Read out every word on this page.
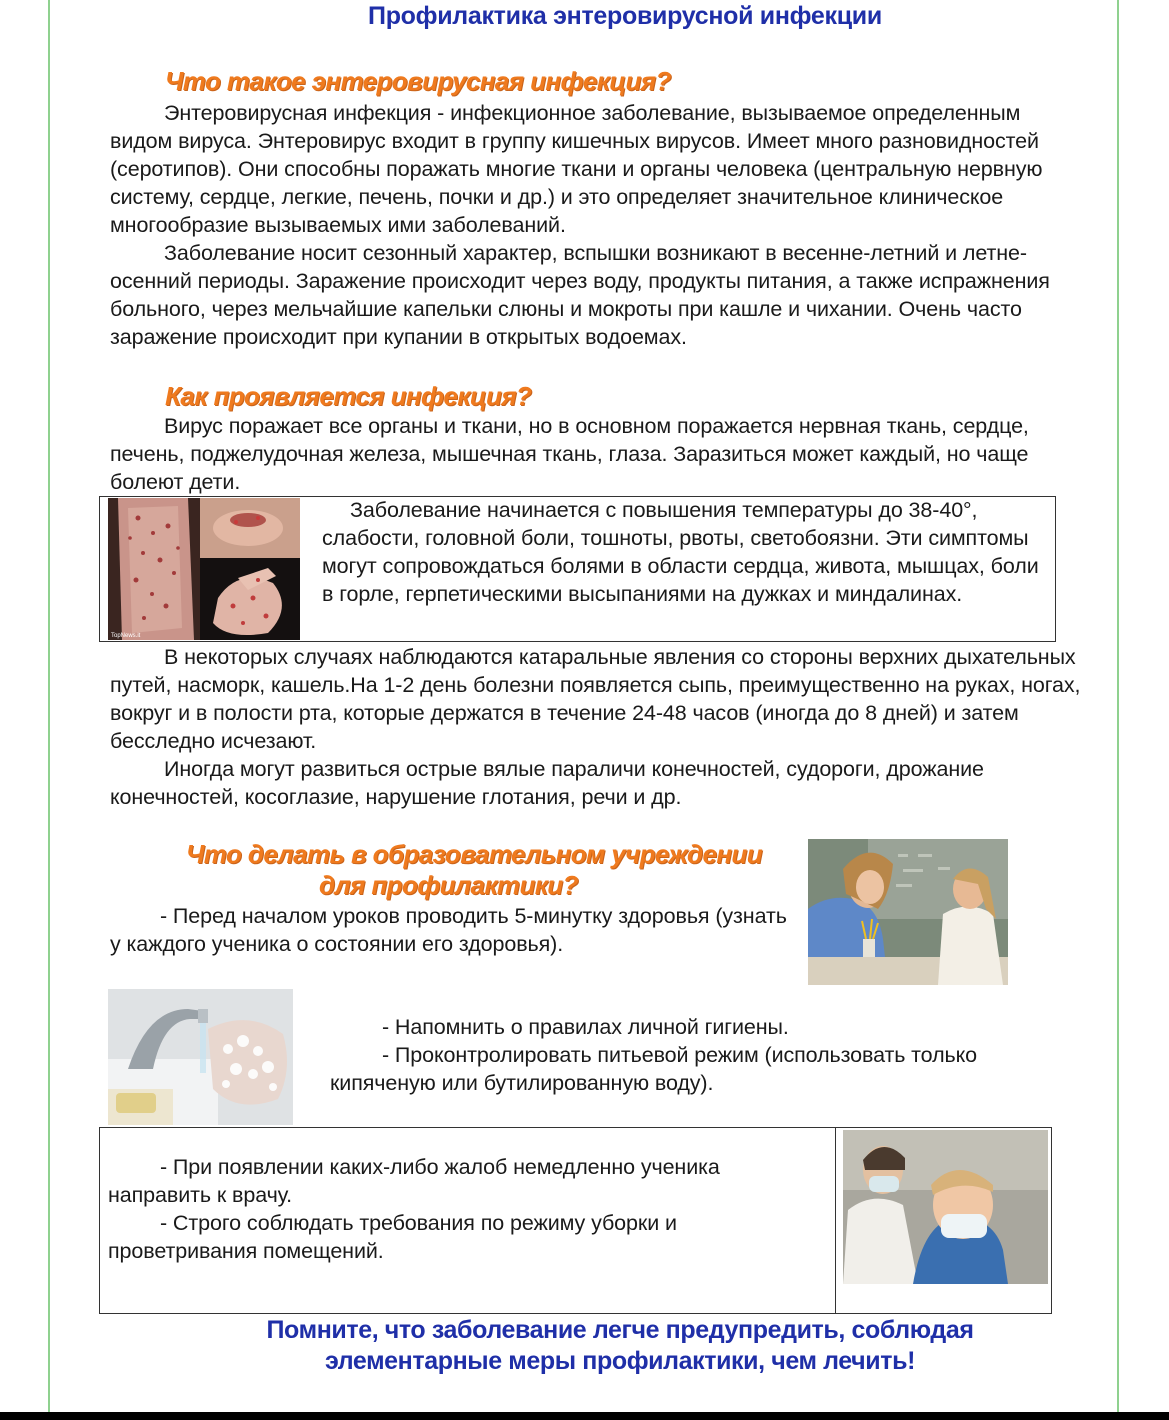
Профилактика энтеровирусной инфекции
Что такое энтеровирусная инфекция?

Энтеровирусная инфекция - инфекционное заболевание, вызываемое определенным видом вируса. Энтеровирус входит в группу кишечных вирусов. Имеет много разновидностей (серотипов). Они способны поражать многие ткани и органы человека (центральную нервную систему, сердце, легкие, печень, почки и др.) и это определяет значительное клиническое многообразие вызываемых ими заболеваний.

Заболевание носит сезонный характер, вспышки возникают в весенне-летний и летне-осенний периоды. Заражение происходит через воду, продукты питания, а также испражнения больного, через мельчайшие капельки слюны и мокроты при кашле и чихании. Очень часто заражение происходит при купании в открытых водоемах.

Как проявляется инфекция?

Вирус поражает все органы и ткани, но в основном поражается нервная ткань, сердце, печень, поджелудочная железа, мышечная ткань, глаза. Заразиться может каждый, но чаще болеют дети.

TopNews.it

Заболевание начинается с повышения температуры до 38-40°, слабости, головной боли, тошноты, рвоты, светобоязни. Эти симптомы могут сопровождаться болями в области сердца, живота, мышцах, боли в горле, герпетическими высыпаниями на дужках и миндалинах.

В некоторых случаях наблюдаются катаральные явления со стороны верхних дыхательных путей, насморк, кашель.На 1-2 день болезни появляется сыпь, преимущественно на руках, ногах, вокруг и в полости рта, которые держатся в течение 24-48 часов (иногда до 8 дней) и затем бесследно исчезают.

Иногда могут развиться острые вялые параличи конечностей, судороги, дрожание конечностей, косоглазие, нарушение глотания, речи и др.

Что делать в образовательном учреждении
для профилактики?

- Перед началом уроков проводить 5-минутку здоровья (узнать у каждого ученика о состоянии его здоровья).

- Напомнить о правилах личной гигиены.

- Проконтролировать питьевой режим (использовать только кипяченую или бутилированную воду).

- При появлении каких-либо жалоб немедленно ученика направить к врачу.

- Строго соблюдать требования по режиму уборки и проветривания помещений.

Помните, что заболевание легче предупредить, соблюдая
элементарные меры профилактики, чем лечить!
